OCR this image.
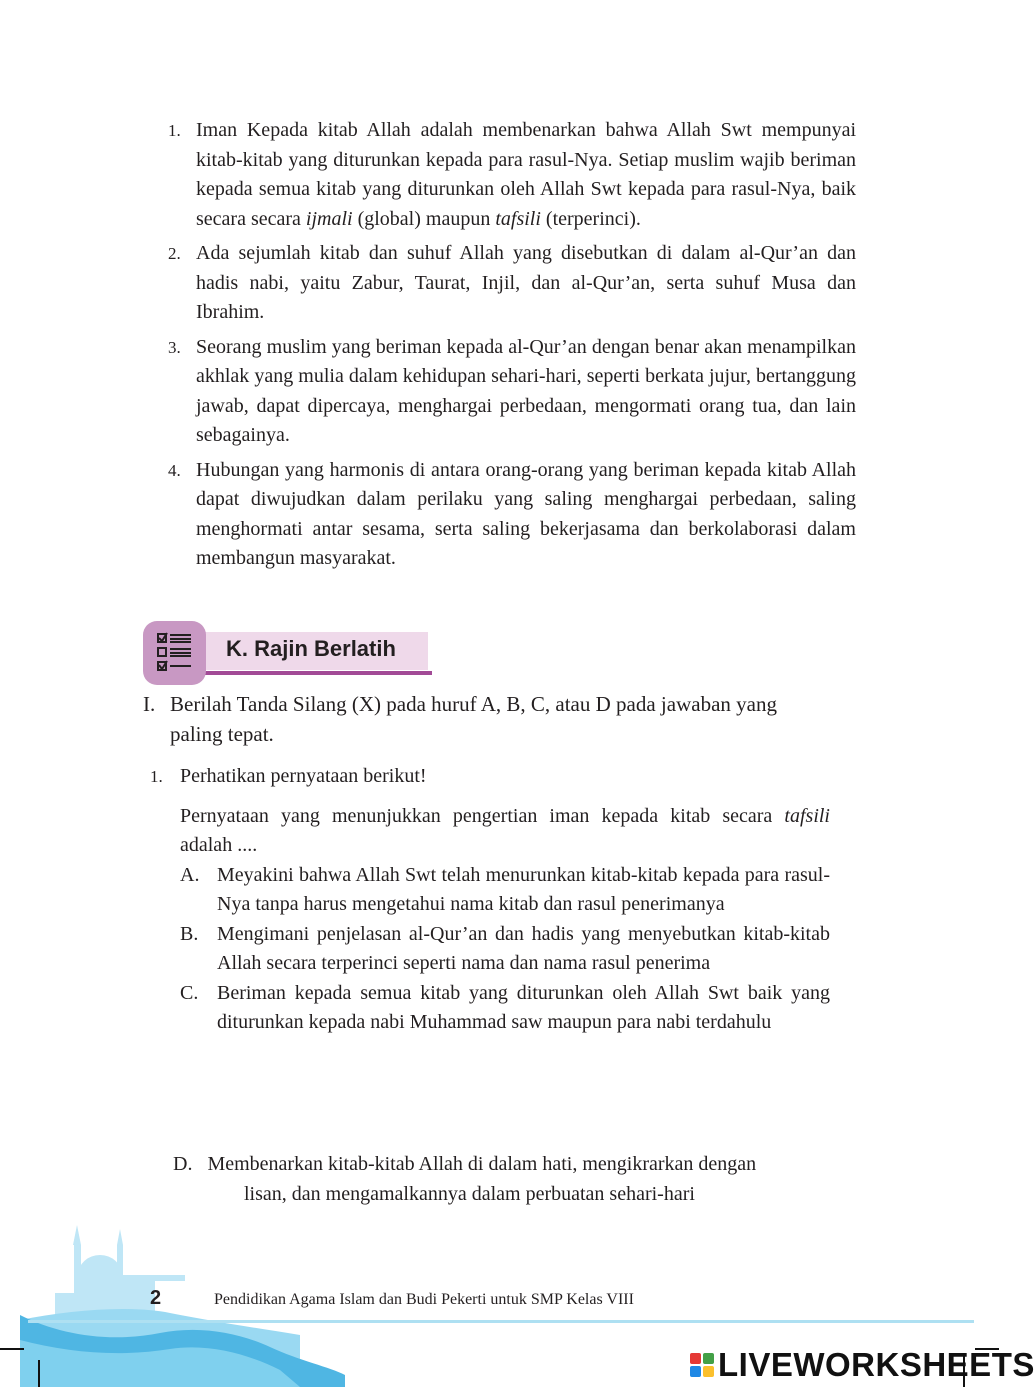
1. Iman Kepada kitab Allah adalah membenarkan bahwa Allah Swt mempunyai kitab-kitab yang diturunkan kepada para rasul-Nya. Setiap muslim wajib beriman kepada semua kitab yang diturunkan oleh Allah Swt kepada para rasul-Nya, baik secara secara ijmali (global) maupun tafsili (terperinci).
2. Ada sejumlah kitab dan suhuf Allah yang disebutkan di dalam al-Qur’an dan hadis nabi, yaitu Zabur, Taurat, Injil, dan al-Qur’an, serta suhuf Musa dan Ibrahim.
3. Seorang muslim yang beriman kepada al-Qur’an dengan benar akan menampilkan akhlak yang mulia dalam kehidupan sehari-hari, seperti berkata jujur, bertanggung jawab, dapat dipercaya, menghargai perbedaan, mengormati orang tua, dan lain sebagainya.
4. Hubungan yang harmonis di antara orang-orang yang beriman kepada kitab Allah dapat diwujudkan dalam perilaku yang saling menghargai perbedaan, saling menghormati antar sesama, serta saling bekerjasama dan berkolaborasi dalam membangun masyarakat.
K. Rajin Berlatih
I. Berilah Tanda Silang (X) pada huruf A, B, C, atau D pada jawaban yang paling tepat.
1. Perhatikan pernyataan berikut!
Pernyataan yang menunjukkan pengertian iman kepada kitab secara tafsili adalah ....
A. Meyakini bahwa Allah Swt telah menurunkan kitab-kitab kepada para rasul-Nya tanpa harus mengetahui nama kitab dan rasul penerimanya
B. Mengimani penjelasan al-Qur’an dan hadis yang menyebutkan kitab-kitab Allah secara terperinci seperti nama dan nama rasul penerima
C. Beriman kepada semua kitab yang diturunkan oleh Allah Swt baik yang diturunkan kepada nabi Muhammad saw maupun para nabi terdahulu
D. Membenarkan kitab-kitab Allah di dalam hati, mengikrarkan dengan
lisan, dan mengamalkannya dalam perbuatan sehari-hari
2	Pendidikan Agama Islam dan Budi Pekerti untuk SMP Kelas VIII
LIVEWORKSHEETS
